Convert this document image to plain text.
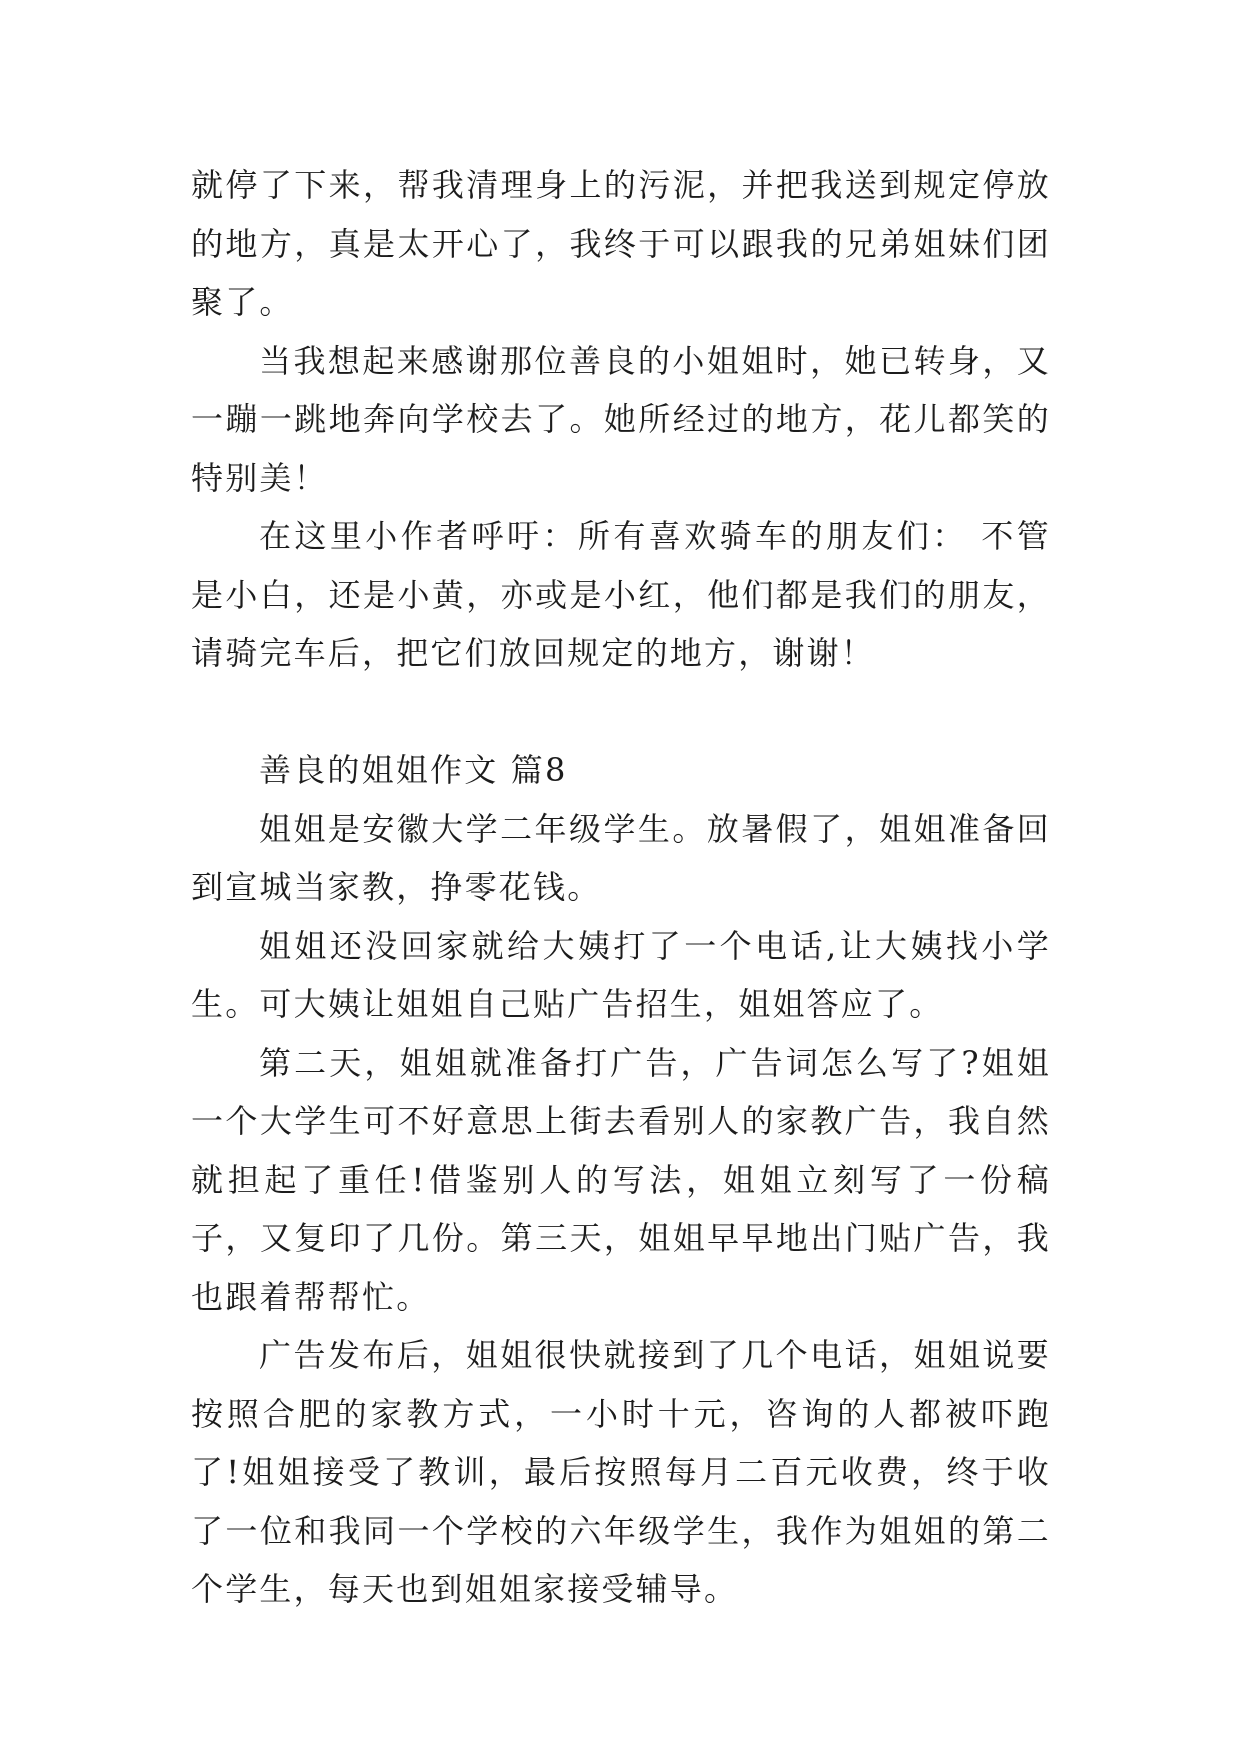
就停了下来，帮我清理身上的污泥，并把我送到规定停放的地方，真是太开心了，我终于可以跟我的兄弟姐妹们团聚了。

当我想起来感谢那位善良的小姐姐时，她已转身，又一蹦一跳地奔向学校去了。她所经过的地方，花儿都笑的特别美！

在这里小作者呼吁：所有喜欢骑车的朋友们： 不管是小白，还是小黄，亦或是小红，他们都是我们的朋友，请骑完车后，把它们放回规定的地方，谢谢！

善良的姐姐作文 篇8

姐姐是安徽大学二年级学生。放暑假了，姐姐准备回到宣城当家教，挣零花钱。

姐姐还没回家就给大姨打了一个电话,让大姨找小学生。可大姨让姐姐自己贴广告招生，姐姐答应了。

第二天，姐姐就准备打广告，广告词怎么写了?姐姐一个大学生可不好意思上街去看别人的家教广告，我自然就担起了重任!借鉴别人的写法，姐姐立刻写了一份稿子，又复印了几份。第三天，姐姐早早地出门贴广告，我也跟着帮帮忙。

广告发布后，姐姐很快就接到了几个电话，姐姐说要按照合肥的家教方式，一小时十元，咨询的人都被吓跑了!姐姐接受了教训，最后按照每月二百元收费，终于收了一位和我同一个学校的六年级学生，我作为姐姐的第二个学生，每天也到姐姐家接受辅导。
